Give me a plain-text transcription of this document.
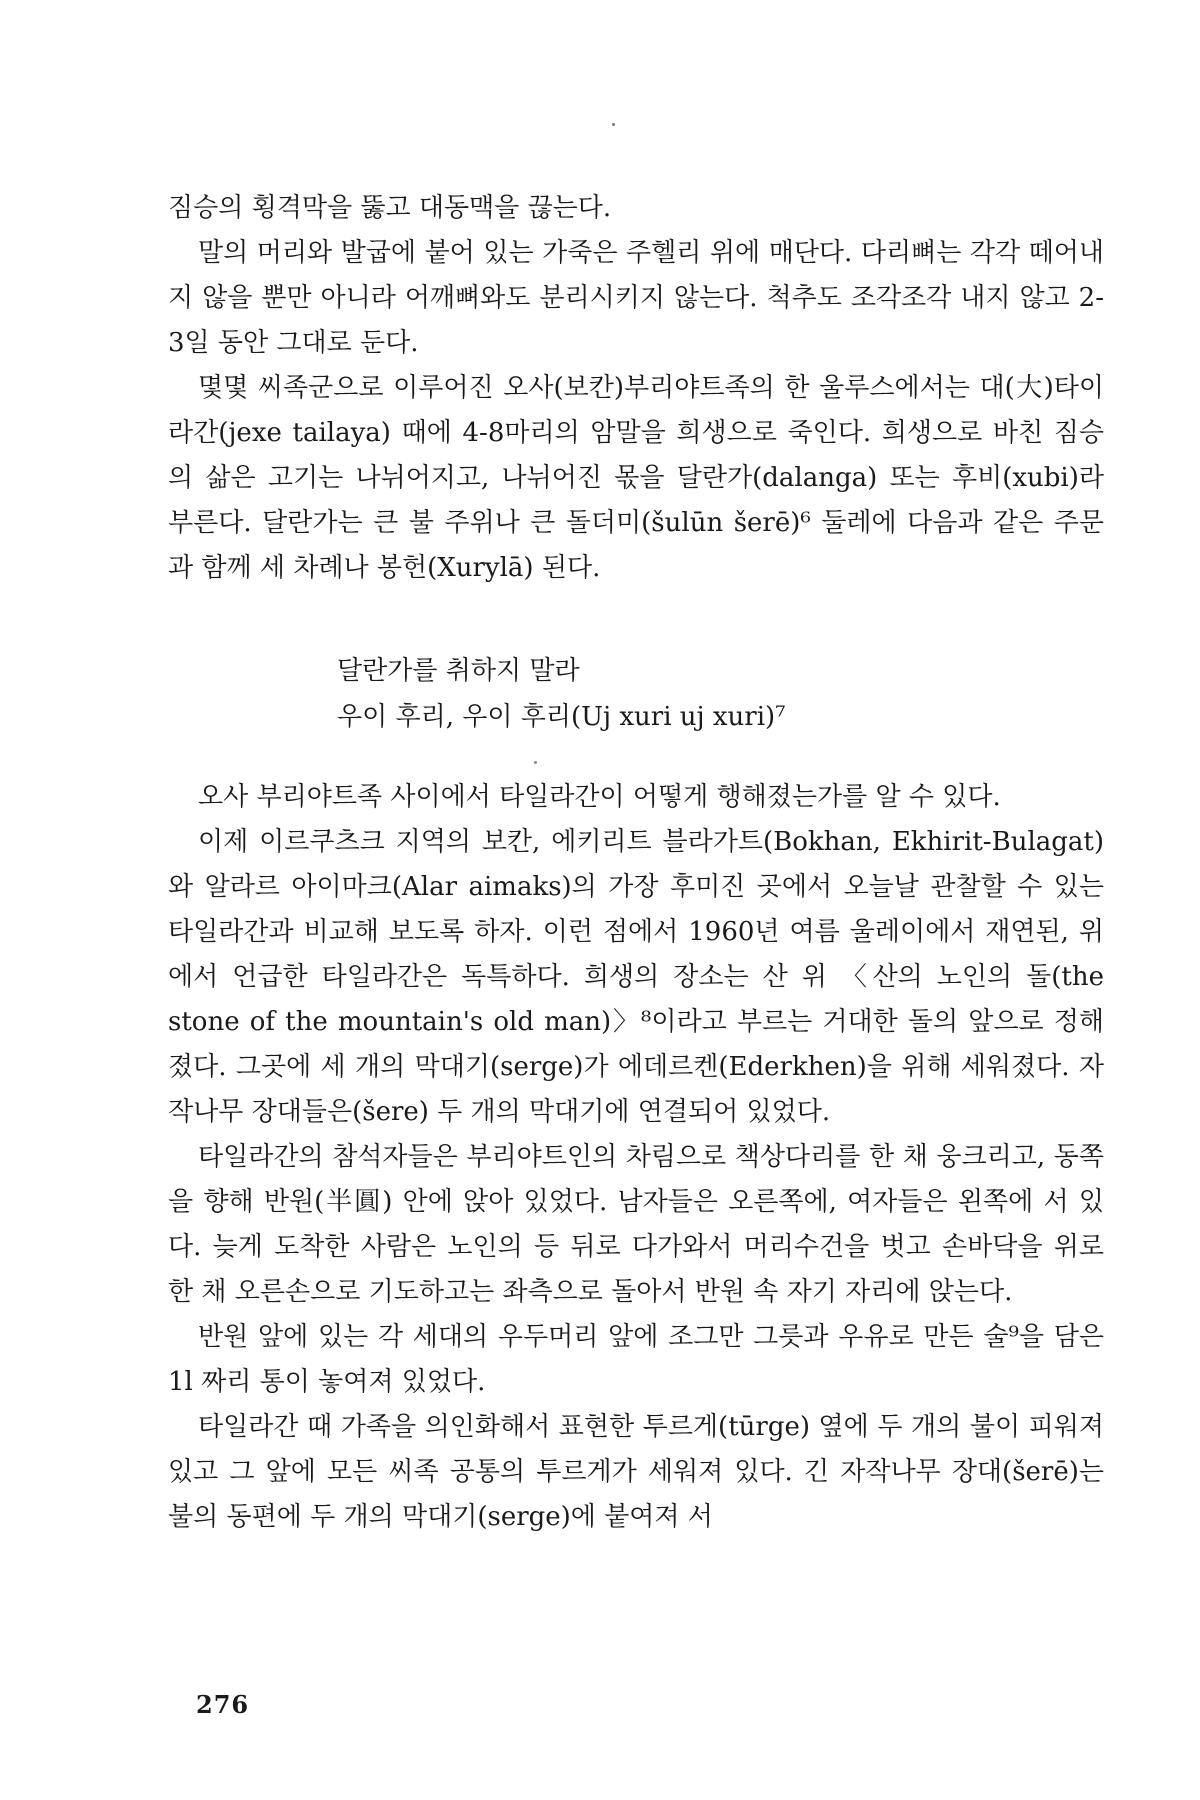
짐승의 횡격막을 뚫고 대동맥을 끊는다.

말의 머리와 발굽에 붙어 있는 가죽은 주헬리 위에 매단다. 다리뼈는 각각 떼어내지 않을 뿐만 아니라 어깨뼈와도 분리시키지 않는다. 척추도 조각조각 내지 않고 2-3일 동안 그대로 둔다.

몇몇 씨족군으로 이루어진 오사(보칸)부리야트족의 한 울루스에서는 대(大)타이라간(jexe tailaya) 때에 4-8마리의 암말을 희생으로 죽인다. 희생으로 바친 짐승의 삶은 고기는 나뉘어지고, 나뉘어진 몫을 달란가(dalanga) 또는 후비(xubi)라 부른다. 달란가는 큰 불 주위나 큰 돌더미(šulūn šerē)⁶ 둘레에 다음과 같은 주문과 함께 세 차례나 봉헌(Xurylā) 된다.

달란가를 취하지 말라
우이 후리, 우이 후리(Uj xuri uj xuri)⁷

오사 부리야트족 사이에서 타일라간이 어떻게 행해졌는가를 알 수 있다.

이제 이르쿠츠크 지역의 보칸, 에키리트 블라가트(Bokhan, Ekhirit-Bulagat)와 알라르 아이마크(Alar aimaks)의 가장 후미진 곳에서 오늘날 관찰할 수 있는 타일라간과 비교해 보도록 하자. 이런 점에서 1960년 여름 울레이에서 재연된, 위에서 언급한 타일라간은 독특하다. 희생의 장소는 산 위 〈산의 노인의 돌(the stone of the mountain's old man)〉⁸이라고 부르는 거대한 돌의 앞으로 정해졌다. 그곳에 세 개의 막대기(serge)가 에데르켄(Ederkhen)을 위해 세워졌다. 자작나무 장대들은(šere) 두 개의 막대기에 연결되어 있었다.

타일라간의 참석자들은 부리야트인의 차림으로 책상다리를 한 채 웅크리고, 동쪽을 향해 반원(半圓) 안에 앉아 있었다. 남자들은 오른쪽에, 여자들은 왼쪽에 서 있다. 늦게 도착한 사람은 노인의 등 뒤로 다가와서 머리수건을 벗고 손바닥을 위로 한 채 오른손으로 기도하고는 좌측으로 돌아서 반원 속 자기 자리에 앉는다.

반원 앞에 있는 각 세대의 우두머리 앞에 조그만 그릇과 우유로 만든 술⁹을 담은 1l 짜리 통이 놓여져 있었다.

타일라간 때 가족을 의인화해서 표현한 투르게(tūrge) 옆에 두 개의 불이 피워져 있고 그 앞에 모든 씨족 공통의 투르게가 세워져 있다. 긴 자작나무 장대(šerē)는 불의 동편에 두 개의 막대기(serge)에 붙여져 서

276
